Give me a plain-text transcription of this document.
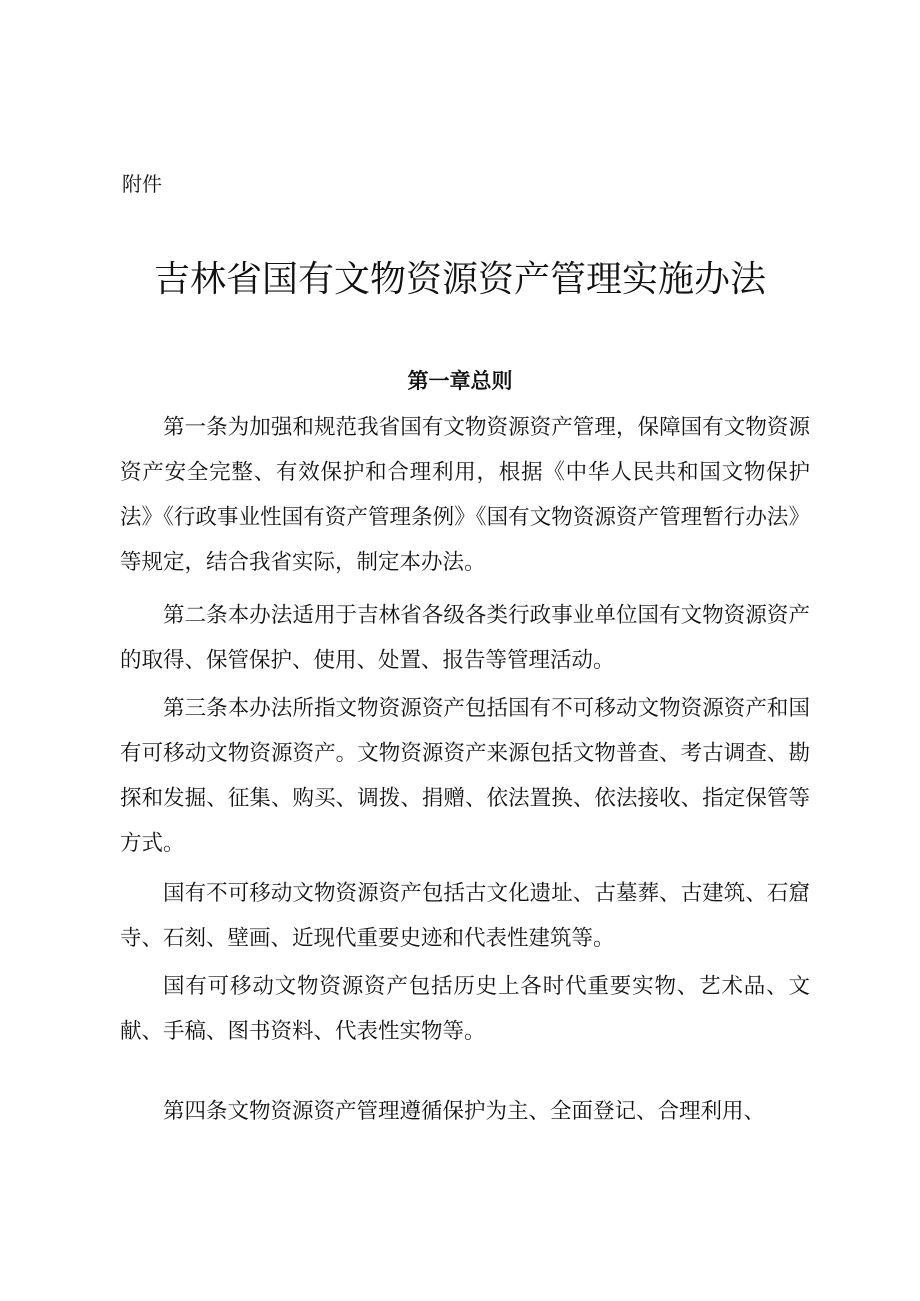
附件

吉林省国有文物资源资产管理实施办法
第一章总则

第一条为加强和规范我省国有文物资源资产管理，保障国有文物资源资产安全完整、有效保护和合理利用，根据《中华人民共和国文物保护法》《行政事业性国有资产管理条例》《国有文物资源资产管理暂行办法》等规定，结合我省实际，制定本办法。

第二条本办法适用于吉林省各级各类行政事业单位国有文物资源资产的取得、保管保护、使用、处置、报告等管理活动。

第三条本办法所指文物资源资产包括国有不可移动文物资源资产和国有可移动文物资源资产。文物资源资产来源包括文物普查、考古调查、勘探和发掘、征集、购买、调拨、捐赠、依法置换、依法接收、指定保管等方式。

国有不可移动文物资源资产包括古文化遗址、古墓葬、古建筑、石窟寺、石刻、壁画、近现代重要史迹和代表性建筑等。

国有可移动文物资源资产包括历史上各时代重要实物、艺术品、文献、手稿、图书资料、代表性实物等。

第四条文物资源资产管理遵循保护为主、全面登记、合理利用、
